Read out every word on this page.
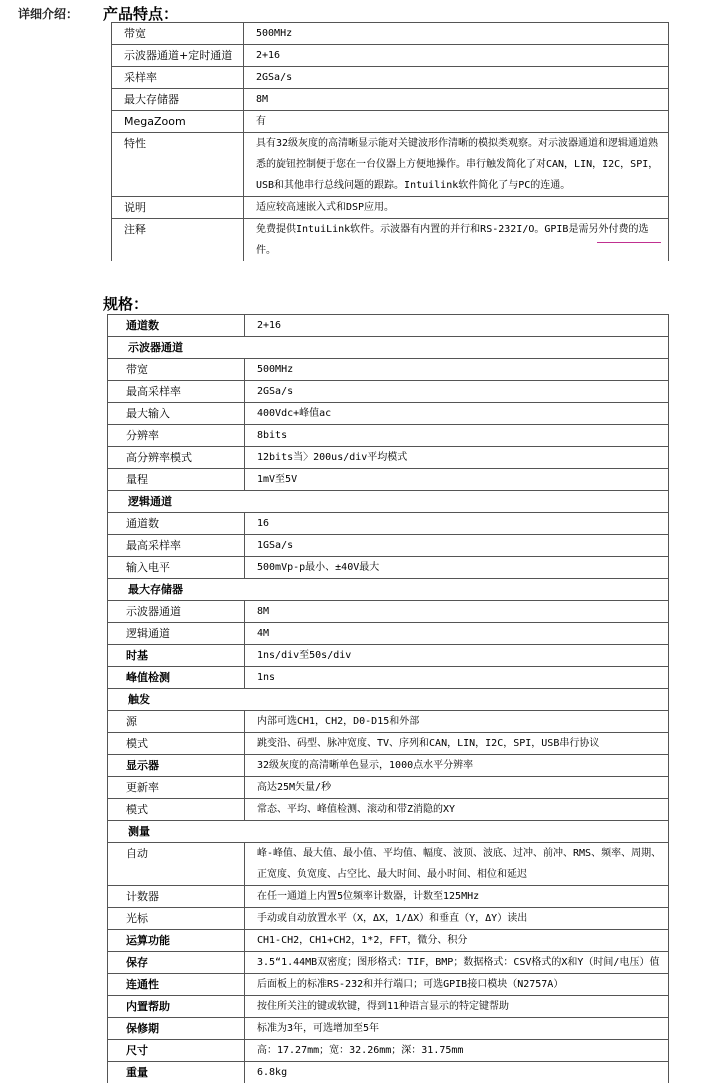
详细介绍： 产品特点：
规格：
带宽	500MHz
示波器通道+定时通道	2+16
采样率	2GSa/s
最大存储器	8M
MegaZoom	有
特性	具有32级灰度的高清晰显示能对关键波形作清晰的模拟类观察。对示波器通道和逻辑通道熟悉的旋钮控制便于您在一台仪器上方便地操作。串行触发简化了对CAN，LIN，I2C，SPI，USB和其他串行总线问题的跟踪。Intuilink软件简化了与PC的连通。
说明	适应较高速嵌入式和DSP应用。
注释	免费提供IntuiLink软件。示波器有内置的并行和RS-232I/O。GPIB是需另外付费的选件。
通道数	2+16
示波器通道	
带宽	500MHz
最高采样率	2GSa/s
最大输入	400Vdc+峰值ac
分辨率	8bits
高分辨率模式	12bits当〉200us/div平均模式
量程	1mV至5V
逻辑通道	
通道数	16
最高采样率	1GSa/s
输入电平	500mVp-p最小、±40V最大
最大存储器	
示波器通道	8M
逻辑通道	4M
时基	1ns/div至50s/div
峰值检测	1ns
触发	
源	内部可选CH1，CH2，D0-D15和外部
模式	跳变沿、码型、脉冲宽度、TV、序列和CAN，LIN，I2C，SPI，USB串行协议
显示器	32级灰度的高清晰单色显示，1000点水平分辨率
更新率	高达25M矢量/秒
模式	常态、平均、峰值检测、滚动和带Z消隐的XY
测量	
自动	峰-峰值、最大值、最小值、平均值、幅度、波顶、波底、过冲、前冲、RMS、频率、周期、正宽度、负宽度、占空比、最大时间、最小时间、相位和延迟
计数器	在任一通道上内置5位频率计数器，计数至125MHz
光标	手动或自动放置水平（X，ΔX，1/ΔX）和垂直（Y，ΔY）读出
运算功能	CH1-CH2，CH1+CH2，1*2，FFT，微分、积分
保存	3.5“1.44MB双密度；图形格式：TIF，BMP；数据格式：CSV格式的X和Y（时间/电压）值
连通性	后面板上的标准RS-232和并行端口；可选GPIB接口模块（N2757A）
内置帮助	按住所关注的键或软键，得到11种语言显示的特定键帮助
保修期	标准为3年，可选增加至5年
尺寸	高：17.27mm；宽：32.26mm；深：31.75mm
重量	6.8kg
